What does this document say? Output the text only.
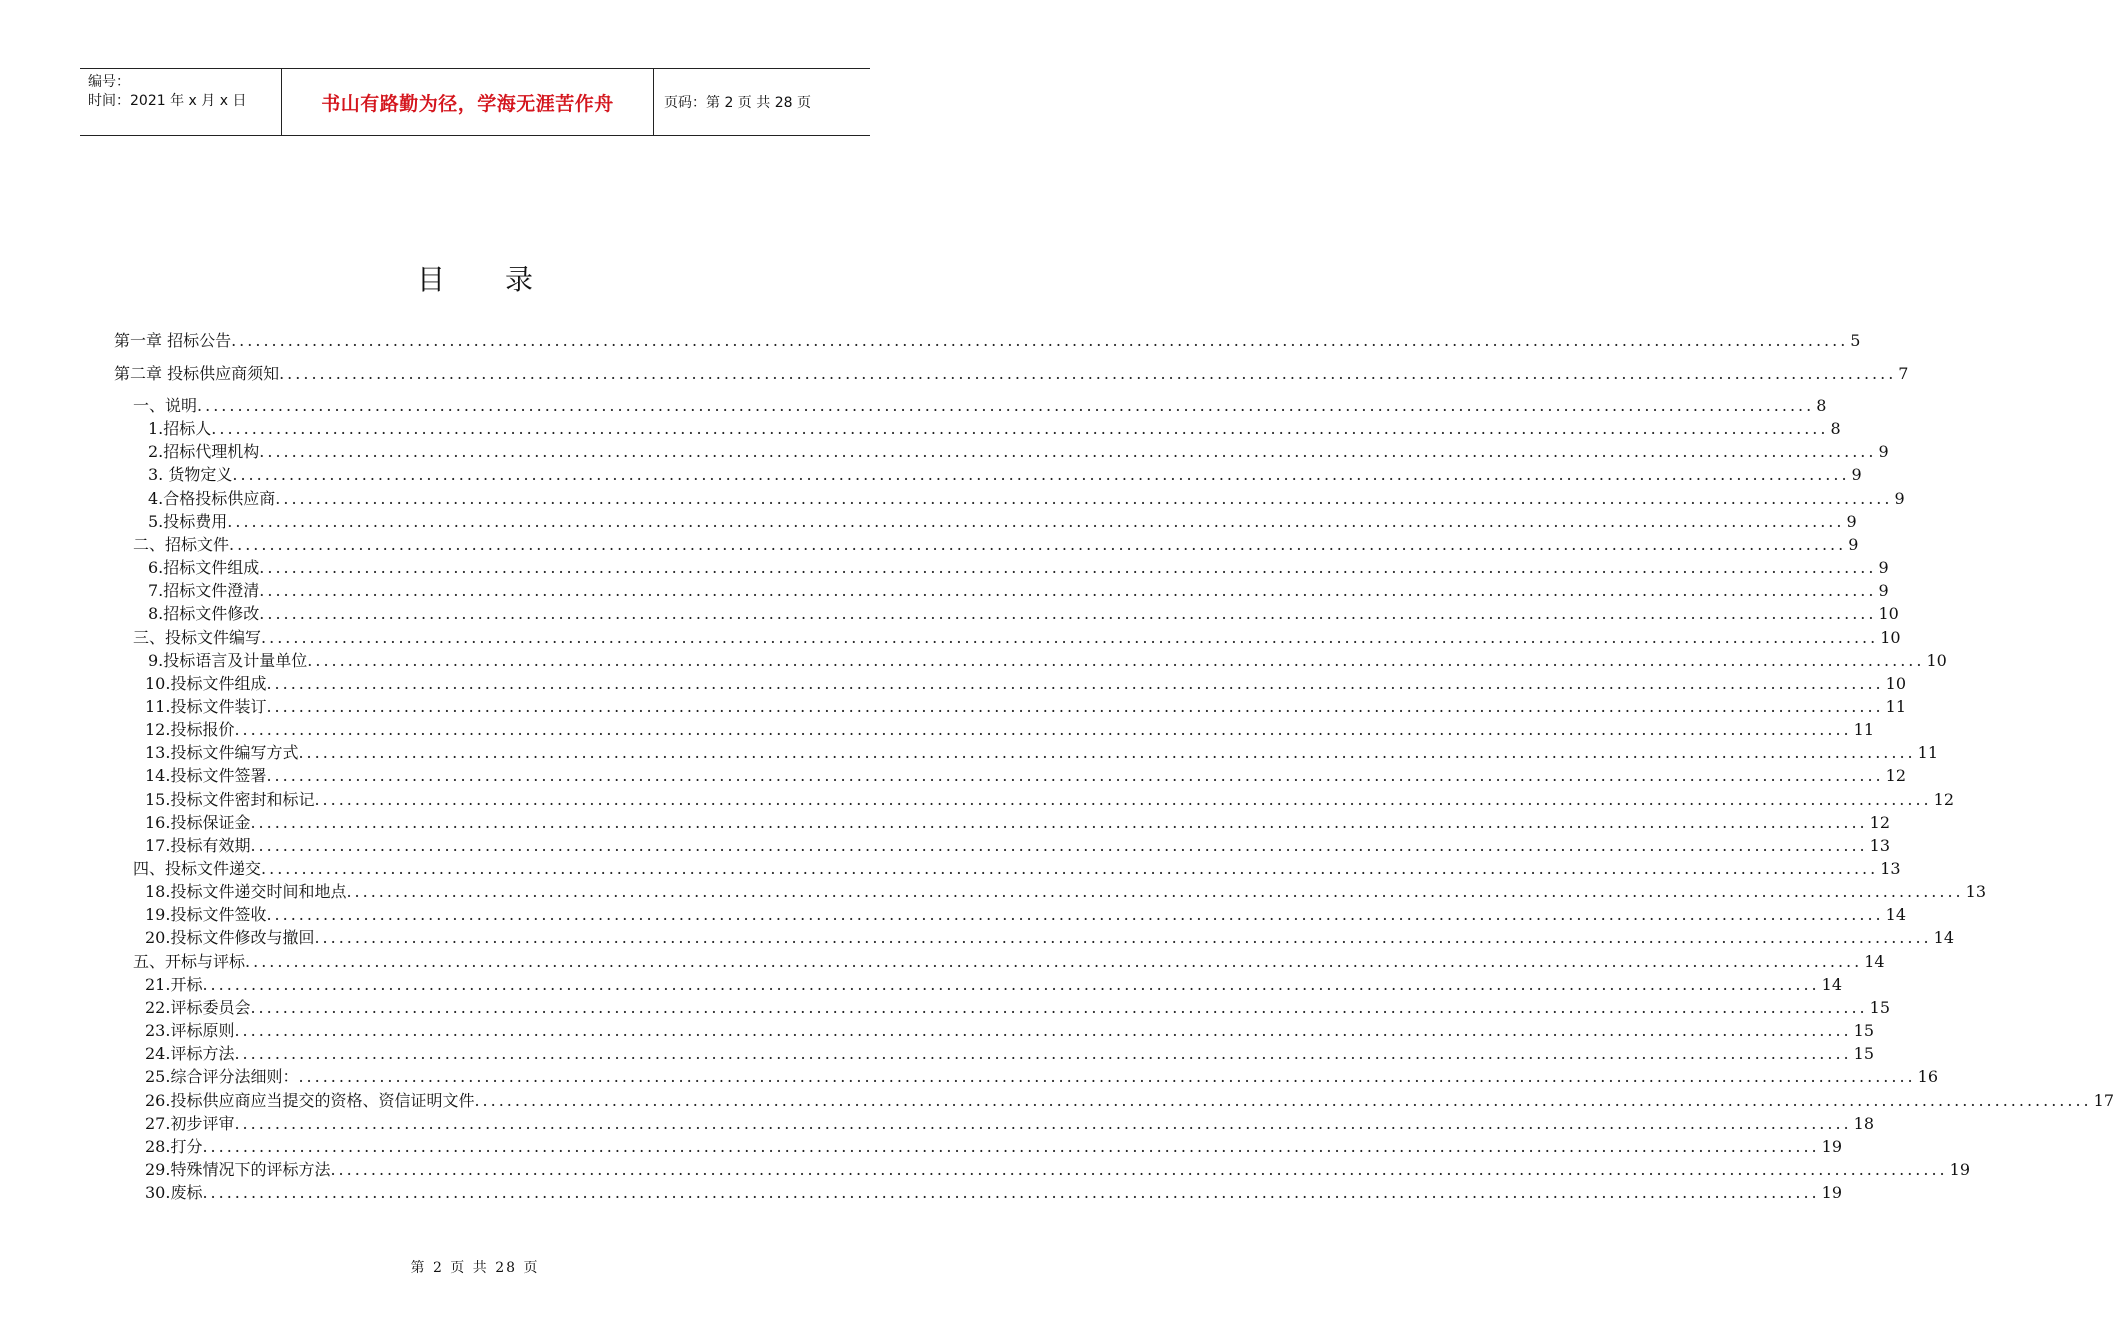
编号：
时间：2021 年 x 月 x 日	书山有路勤为径，学海无涯苦作舟	页码：第 2 页 共 28 页
目录
第一章 招标公告 ........................................................................................................................................................................................................ 5
第二章 投标供应商须知 ........................................................................................................................................................................................................ 7
一、说明 ........................................................................................................................................................................................................ 8
1.招标人 ........................................................................................................................................................................................................ 8
2.招标代理机构 ........................................................................................................................................................................................................ 9
3. 货物定义 ........................................................................................................................................................................................................ 9
4.合格投标供应商 ........................................................................................................................................................................................................ 9
5.投标费用 ........................................................................................................................................................................................................ 9
二、招标文件 ........................................................................................................................................................................................................ 9
6.招标文件组成 ........................................................................................................................................................................................................ 9
7.招标文件澄清 ........................................................................................................................................................................................................ 9
8.招标文件修改 ........................................................................................................................................................................................................ 10
三、投标文件编写 ........................................................................................................................................................................................................ 10
9.投标语言及计量单位 ........................................................................................................................................................................................................ 10
10.投标文件组成 ........................................................................................................................................................................................................ 10
11.投标文件装订 ........................................................................................................................................................................................................ 11
12.投标报价 ........................................................................................................................................................................................................ 11
13.投标文件编写方式 ........................................................................................................................................................................................................ 11
14.投标文件签署 ........................................................................................................................................................................................................ 12
15.投标文件密封和标记 ........................................................................................................................................................................................................ 12
16.投标保证金 ........................................................................................................................................................................................................ 12
17.投标有效期 ........................................................................................................................................................................................................ 13
四、投标文件递交 ........................................................................................................................................................................................................ 13
18.投标文件递交时间和地点 ........................................................................................................................................................................................................ 13
19.投标文件签收 ........................................................................................................................................................................................................ 14
20.投标文件修改与撤回 ........................................................................................................................................................................................................ 14
五、开标与评标 ........................................................................................................................................................................................................ 14
21.开标 ........................................................................................................................................................................................................ 14
22.评标委员会 ........................................................................................................................................................................................................ 15
23.评标原则 ........................................................................................................................................................................................................ 15
24.评标方法 ........................................................................................................................................................................................................ 15
25.综合评分法细则： ........................................................................................................................................................................................................ 16
26.投标供应商应当提交的资格、资信证明文件 ........................................................................................................................................................................................................ 17
27.初步评审 ........................................................................................................................................................................................................ 18
28.打分 ........................................................................................................................................................................................................ 19
29.特殊情况下的评标方法 ........................................................................................................................................................................................................ 19
30.废标 ........................................................................................................................................................................................................ 19
第 2 页 共 28 页
